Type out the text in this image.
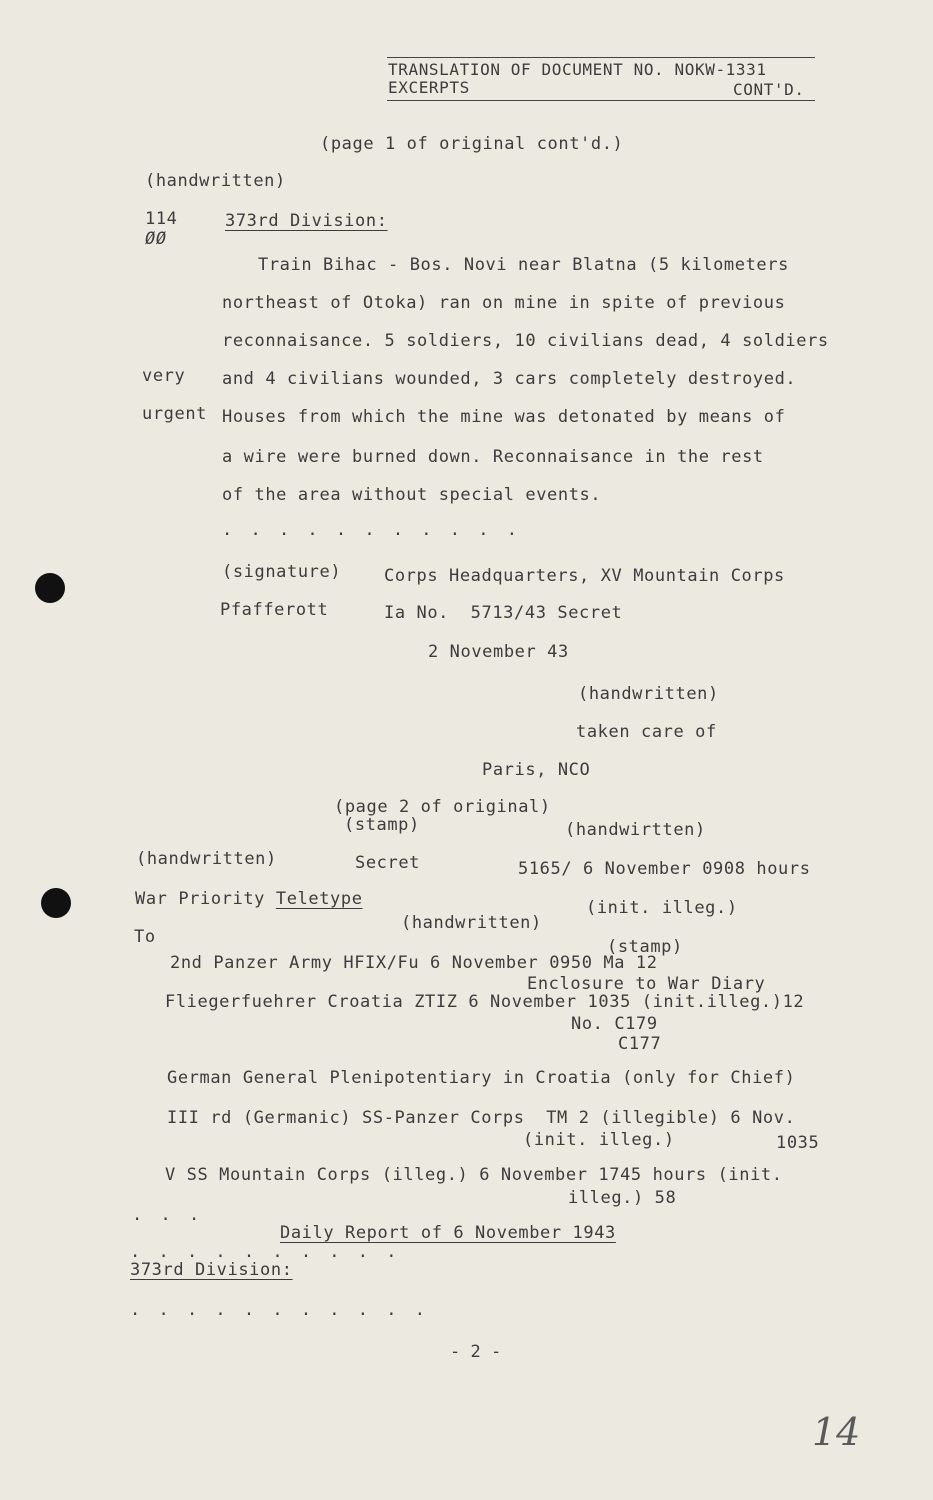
TRANSLATION OF DOCUMENT NO. NOKW-1331
EXCERPTS	CONT'D.
(page 1 of original cont'd.)
(handwritten)
114
ØØ
373rd Division:
Train Bihac - Bos. Novi near Blatna (5 kilometers
northeast of Otoka) ran on mine in spite of previous
reconnaisance. 5 soldiers, 10 civilians dead, 4 soldiers
very and 4 civilians wounded, 3 cars completely destroyed.
urgent Houses from which the mine was detonated by means of
a wire were burned down. Reconnaisance in the rest
of the area without special events.
. . . . . . . . . . .
(signature)	Corps Headquarters, XV Mountain Corps
Pfafferott	Ia No.  5713/43 Secret
2 November 43
(handwritten)
taken care of
Paris, NCO
(page 2 of original)
(stamp)	(handwirtten)
(handwritten)	Secret	5165/ 6 November 0908 hours
War Priority Teletype	(init. illeg.)
(handwritten)
To	(stamp)
2nd Panzer Army HFIX/Fu 6 November 0950 Ma 12
Enclosure to War Diary
Fliegerfuehrer Croatia ZTIZ 6 November 1035 (init.illeg.)12
No. C179
C177
German General Plenipotentiary in Croatia (only for Chief)
III rd (Germanic) SS-Panzer Corps  TM 2 (illegible) 6 Nov.
(init. illeg.)	1035
V SS Mountain Corps (illeg.) 6 November 1745 hours (init.
illeg.) 58
. . .
Daily Report of 6 November 1943
. . . . . . . . . .
373rd Division:
. . . . . . . . . . .
- 2 -
14
